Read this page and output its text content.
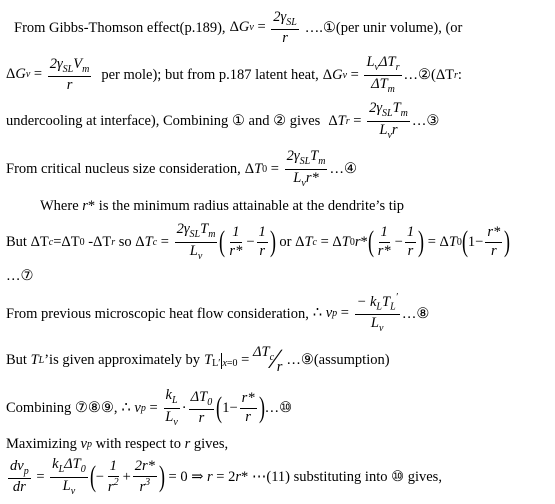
From Gibbs-Thomson effect(p.189), Δ G $v = \frac{2\gamma_{SL}}{r}$ ….①(per unir volume), (or
Δ G $v = \frac{2\gamma_{SL}V_m}{r}$ per mole); but from p.187 latent heat, Δ G $v = \frac{L_v\Delta T_r}{\Delta T_m}$ …②(ΔT r :
undercooling at interface), Combining ① and ② gives Δ T $r = \frac{2\gamma_{SL}T_m}{L_vr}$ …③
From critical nucleus size consideration, Δ T $0 = \frac{2\gamma_{SL}T_m}{L_vr*}$ …④
Where
r * is the minimum radius attainable at the dendrite’s tip
But ΔT c =ΔT 0
-ΔT r
so
Δ T $c = \frac{2\gamma_{SL}T_m}{L_v}$ ( $\frac{1}{r*} - \frac{1}{r}$ )
or
Δ T c = Δ T 0 r * ( $\frac{1}{r*} - \frac{1}{r}$ ) = Δ T 0 ( $1- \frac{r*}{r}$ )
…⑦
From previous microscopic heat flow consideration, ∴ v $p = \frac{- k_LT_L'}{L_v}$ …⑧
But
T L ’is given approximately by $T_L$ ′ $x=0 = \Delta T_c$ ∕ r …⑨(assumption)
Combining ⑦⑧⑨, ∴ v $p = \frac{k_L}{L_v} \cdot \frac{\Delta T_0}{r}$ ( $1- \frac{r*}{r}$ ) …⑩
Maximizing
v p
with respect to
r
gives,
$\frac{dv_p}{dr} = \frac{k_L\Delta T_0}{L_v}$ ( − $\frac{1}{r^2} + \frac{2r*}{r^3}$ ) = 0 ⇒ r = 2 r * ⋯(11)
substituting into ⑩ gives,
